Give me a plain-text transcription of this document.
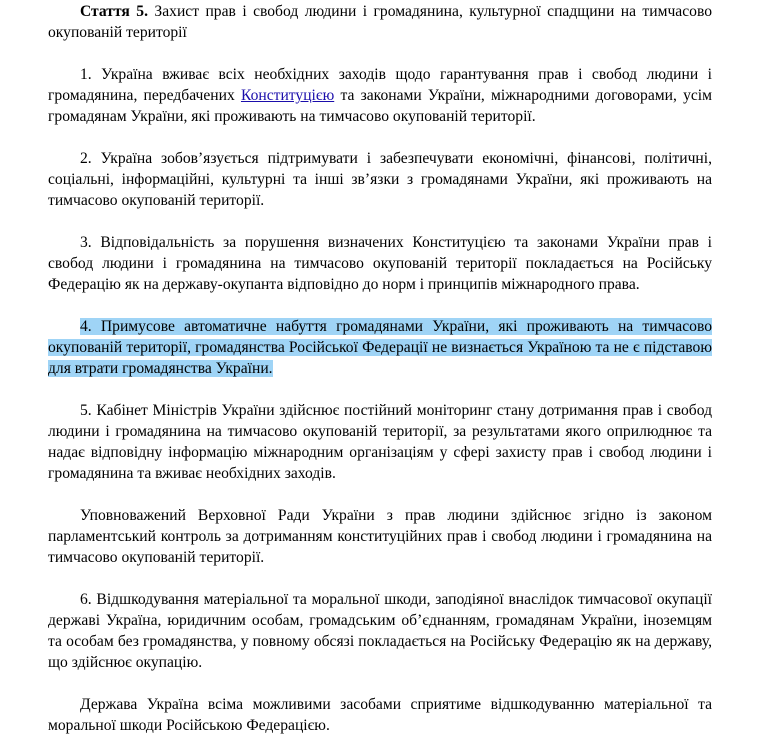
Стаття 5. Захист прав і свобод людини і громадянина, культурної спадщини на тимчасово окупованій території

1. Україна вживає всіх необхідних заходів щодо гарантування прав і свобод людини і громадянина, передбачених Конституцією та законами України, міжнародними договорами, усім громадянам України, які проживають на тимчасово окупованій території.

2. Україна зобов’язується підтримувати і забезпечувати економічні, фінансові, політичні, соціальні, інформаційні, культурні та інші зв’язки з громадянами України, які проживають на тимчасово окупованій території.

3. Відповідальність за порушення визначених Конституцією та законами України прав і свобод людини і громадянина на тимчасово окупованій території покладається на Російську Федерацію як на державу-окупанта відповідно до норм і принципів міжнародного права.

4. Примусове автоматичне набуття громадянами України, які проживають на тимчасово окупованій території, громадянства Російської Федерації не визнається Україною та не є підставою для втрати громадянства України.

5. Кабінет Міністрів України здійснює постійний моніторинг стану дотримання прав і свобод людини і громадянина на тимчасово окупованій території, за результатами якого оприлюднює та надає відповідну інформацію міжнародним організаціям у сфері захисту прав і свобод людини і громадянина та вживає необхідних заходів.

Уповноважений Верховної Ради України з прав людини здійснює згідно із законом парламентський контроль за дотриманням конституційних прав і свобод людини і громадянина на тимчасово окупованій території.

6. Відшкодування матеріальної та моральної шкоди, заподіяної внаслідок тимчасової окупації державі Україна, юридичним особам, громадським об’єднанням, громадянам України, іноземцям та особам без громадянства, у повному обсязі покладається на Російську Федерацію як на державу, що здійснює окупацію.

Держава Україна всіма можливими засобами сприятиме відшкодуванню матеріальної та моральної шкоди Російською Федерацією.
